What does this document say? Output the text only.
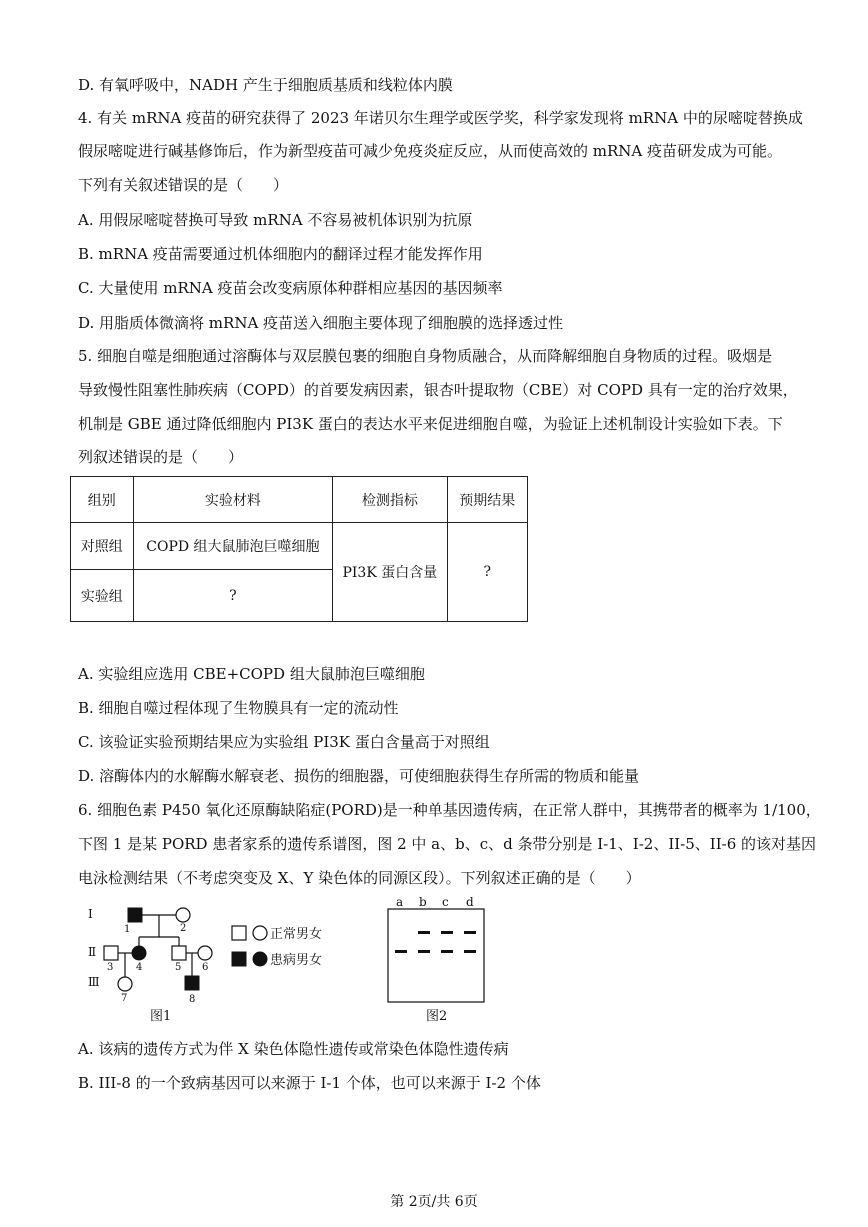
D. 有氧呼吸中，NADH 产生于细胞质基质和线粒体内膜
4. 有关 mRNA 疫苗的研究获得了 2023 年诺贝尔生理学或医学奖，科学家发现将 mRNA 中的尿嘧啶替换成
假尿嘧啶进行碱基修饰后，作为新型疫苗可减少免疫炎症反应，从而使高效的 mRNA 疫苗研发成为可能。
下列有关叙述错误的是（　　）
A. 用假尿嘧啶替换可导致 mRNA 不容易被机体识别为抗原
B. mRNA 疫苗需要通过机体细胞内的翻译过程才能发挥作用
C. 大量使用 mRNA 疫苗会改变病原体种群相应基因的基因频率
D. 用脂质体微滴将 mRNA 疫苗送入细胞主要体现了细胞膜的选择透过性
5. 细胞自噬是细胞通过溶酶体与双层膜包裹的细胞自身物质融合，从而降解细胞自身物质的过程。吸烟是
导致慢性阻塞性肺疾病（COPD）的首要发病因素，银杏叶提取物（CBE）对 COPD 具有一定的治疗效果，
机制是 GBE 通过降低细胞内 PI3K 蛋白的表达水平来促进细胞自噬，为验证上述机制设计实验如下表。下
列叙述错误的是（　　）
组别	实验材料	检测指标	预期结果
对照组	COPD 组大鼠肺泡巨噬细胞	PI3K 蛋白含量	?
实验组	?		
A. 实验组应选用 CBE+COPD 组大鼠肺泡巨噬细胞
B. 细胞自噬过程体现了生物膜具有一定的流动性
C. 该验证实验预期结果应为实验组 PI3K 蛋白含量高于对照组
D. 溶酶体内的水解酶水解衰老、损伤的细胞器，可使细胞获得生存所需的物质和能量
6. 细胞色素 P450 氧化还原酶缺陷症(PORD)是一种单基因遗传病，在正常人群中，其携带者的概率为 1/100，
下图 1 是某 PORD 患者家系的遗传系谱图，图 2 中 a、b、c、d 条带分别是 I-1、I-2、II-5、II-6 的该对基因
电泳检测结果（不考虑突变及 X、Y 染色体的同源区段）。下列叙述正确的是（　　）
I
Ⅱ
Ⅲ
1	2
3 4	5 6
7	8
正常男女
患病男女
图1
a b c d
图2
A. 该病的遗传方式为伴 X 染色体隐性遗传或常染色体隐性遗传病
B. III-8 的一个致病基因可以来源于 I-1 个体，也可以来源于 I-2 个体
第 2页/共 6页
